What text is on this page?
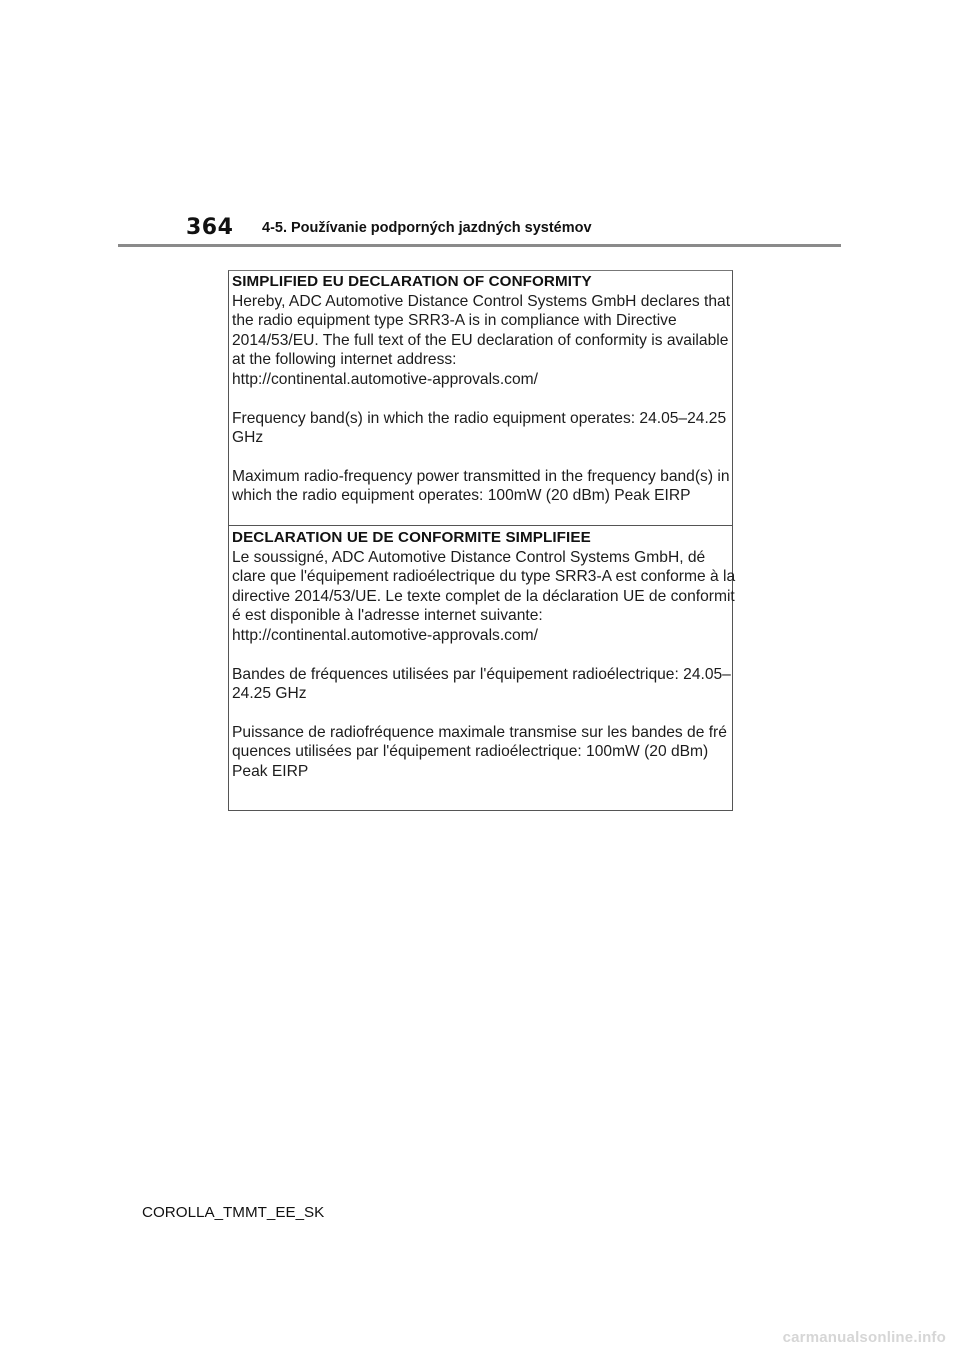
364 4-5. Používanie podporných jazdných systémov
SIMPLIFIED EU DECLARATION OF CONFORMITY
Hereby, ADC Automotive Distance Control Systems GmbH declares that
the radio equipment type SRR3-A is in compliance with Directive
2014/53/EU. The full text of the EU declaration of conformity is available
at the following internet address:
http://continental.automotive-approvals.com/
Frequency band(s) in which the radio equipment operates: 24.05–24.25
GHz
Maximum radio-frequency power transmitted in the frequency band(s) in
which the radio equipment operates: 100mW (20 dBm) Peak EIRP
DECLARATION UE DE CONFORMITE SIMPLIFIEE
Le soussigné, ADC Automotive Distance Control Systems GmbH, dé
clare que l'équipement radioélectrique du type SRR3-A est conforme à la
directive 2014/53/UE. Le texte complet de la déclaration UE de conformit
é est disponible à l'adresse internet suivante:
http://continental.automotive-approvals.com/
Bandes de fréquences utilisées par l'équipement radioélectrique: 24.05–
24.25 GHz
Puissance de radiofréquence maximale transmise sur les bandes de fré
quences utilisées par l'équipement radioélectrique: 100mW (20 dBm)
Peak EIRP
COROLLA_TMMT_EE_SK
carmanualsonline.info
